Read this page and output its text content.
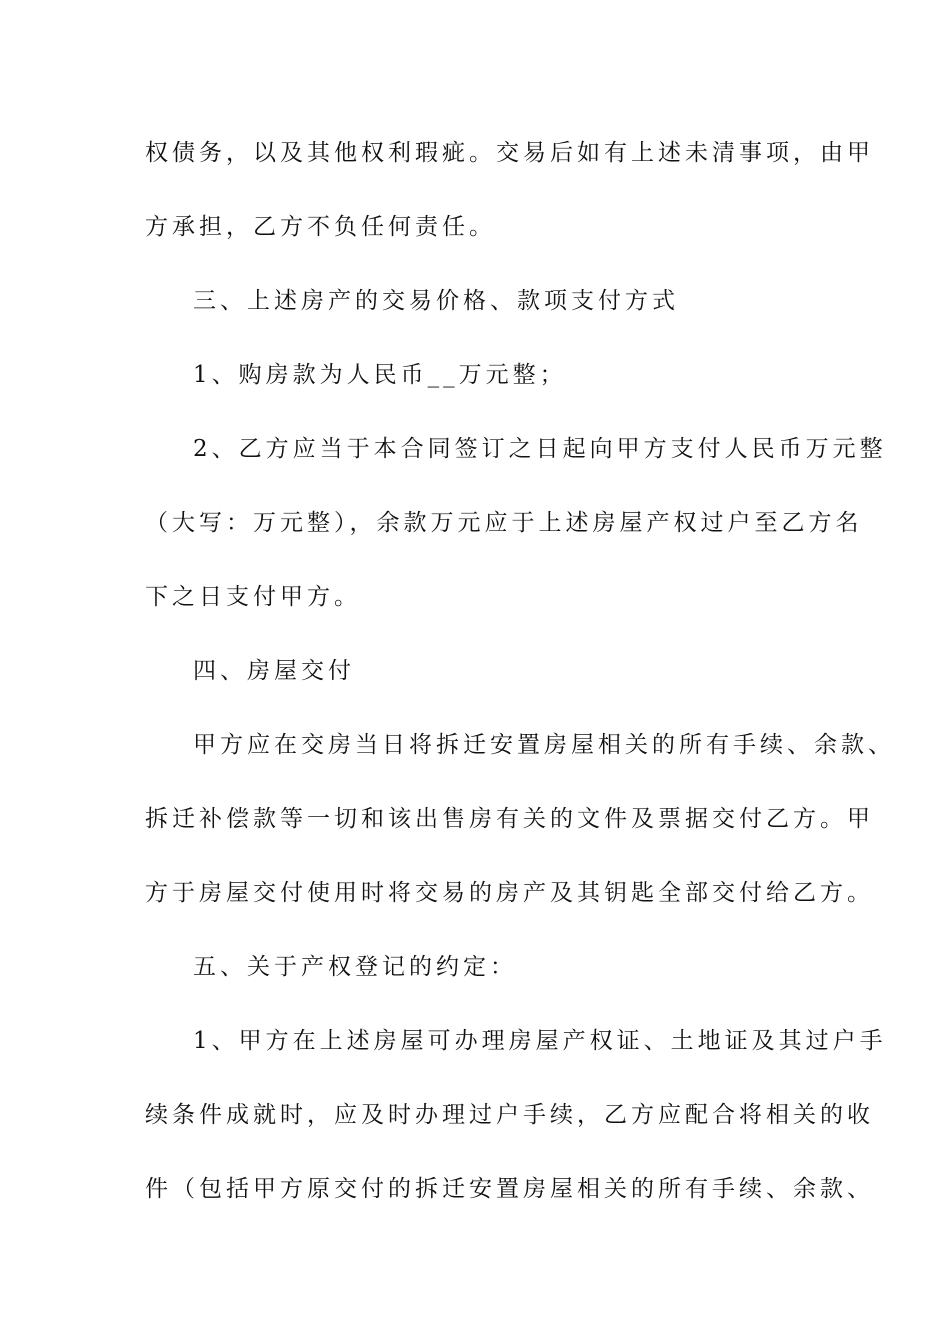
权债务，以及其他权利瑕疵。交易后如有上述未清事项，由甲
方承担，乙方不负任何责任。
三、上述房产的交易价格、款项支付方式
1、购房款为人民币__万元整；
2、乙方应当于本合同签订之日起向甲方支付人民币万元整
（大写：万元整），余款万元应于上述房屋产权过户至乙方名
下之日支付甲方。
四、房屋交付
甲方应在交房当日将拆迁安置房屋相关的所有手续、余款、
拆迁补偿款等一切和该出售房有关的文件及票据交付乙方。甲
方于房屋交付使用时将交易的房产及其钥匙全部交付给乙方。
五、关于产权登记的约定：
1、甲方在上述房屋可办理房屋产权证、土地证及其过户手
续条件成就时，应及时办理过户手续，乙方应配合将相关的收
件（包括甲方原交付的拆迁安置房屋相关的所有手续、余款、
